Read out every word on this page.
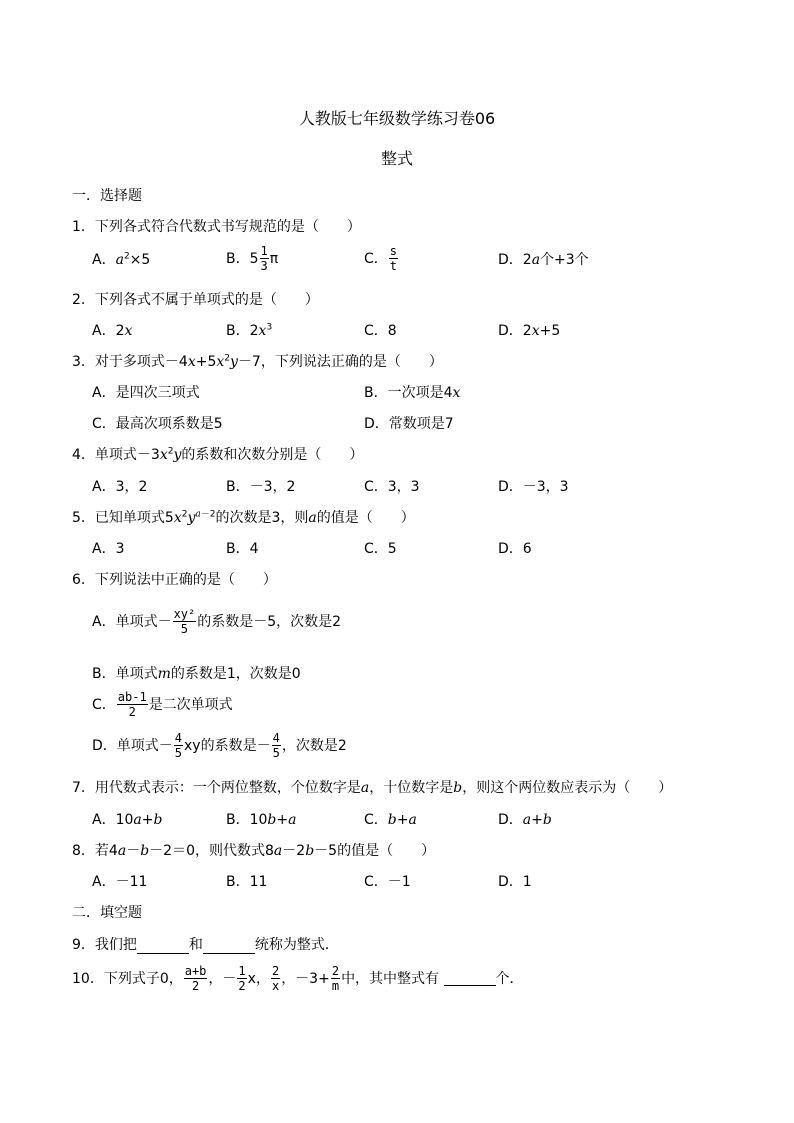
人教版七年级数学练习卷06
整式
一．选择题
1．下列各式符合代数式书写规范的是（　　）
A．$a^2\times 5$	B． $5 \frac{1}{3}$ π	C． $\frac{s}{t}$	D．2a个+3个
2．下列各式不属于单项式的是（　　）
A．2x	B．$2x^3$	C．8	D．2x+5
3．对于多项式$-4x+5x^2y-7$，下列说法正确的是（　　）
A．是四次三项式	B．一次项是4x
C．最高次项系数是5	D．常数项是7
4．单项式$-3x^2y$的系数和次数分别是（　　）
A．3，2	B．－3，2	C．3，3	D．－3，3
5．已知单项式$5x^2y^{a-2}$的次数是3，则a的值是（　　）
A．3	B．4	C．5	D．6
6．下列说法中正确的是（　　）
A．单项式－ $\frac{\text{xy²}}{5}$ 的系数是－5，次数是2
B．单项式m的系数是1，次数是0
C． $\frac{ab-1}{2}$ 是二次单项式
D．单项式－ $\frac{4}{5}$ xy的系数是－ $\frac{4}{5}$ ，次数是2
7．用代数式表示：一个两位整数，个位数字是a，十位数字是b，则这个两位数应表示为（　　）
A．10a+b	B．10b+a	C．b+a	D．a+b
8．若4a－b－2＝0，则代数式8a－2b－5的值是（　　）
A．－11	B．11	C．－1	D．1
二．填空题
9．我们把	和	统称为整式．
10．下列式子0， $\frac{a+b}{2}$ ，－ $\frac{1}{2}$ x， $\frac{2}{x}$ ，$-3+ \frac{2}{m}$ 中，其中整式有
	个．
